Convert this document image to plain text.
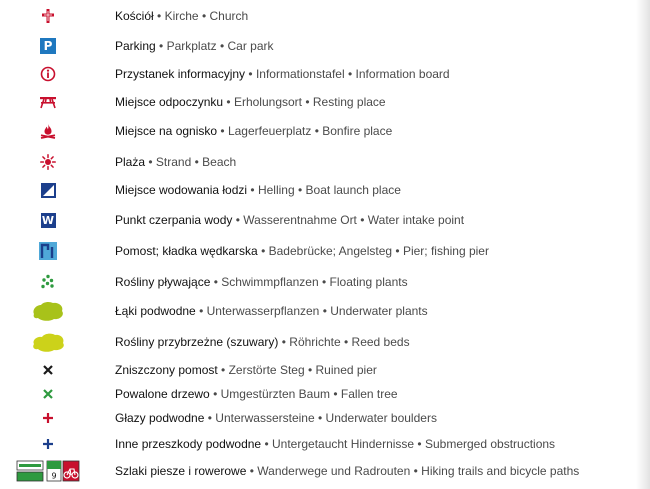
Kościół • Kirche • Church
P	Parking • Parkplatz • Car park
Przystanek informacyjny • Informationstafel • Information board
Miejsce odpoczynku • Erholungsort • Resting place
Miejsce na ognisko • Lagerfeuerplatz • Bonfire place
Plaża • Strand • Beach
Miejsce wodowania łodzi • Helling • Boat launch place
W	Punkt czerpania wody • Wasserentnahme Ort • Water intake point
Pomost; kładka wędkarska • Badebrücke; Angelsteg • Pier; fishing pier
Rośliny pływające • Schwimmpflanzen • Floating plants
Łąki podwodne • Unterwasserpflanzen • Underwater plants
Rośliny przybrzeżne (szuwary) • Röhrichte • Reed beds
Zniszczony pomost • Zerstörte Steg • Ruined pier
Powalone drzewo • Umgestürzten Baum • Fallen tree
Głazy podwodne • Unterwassersteine • Underwater boulders
Inne przeszkody podwodne • Untergetaucht Hindernisse • Submerged obstructions
9	Szlaki piesze i rowerowe • Wanderwege und Radrouten • Hiking trails and bicycle paths
